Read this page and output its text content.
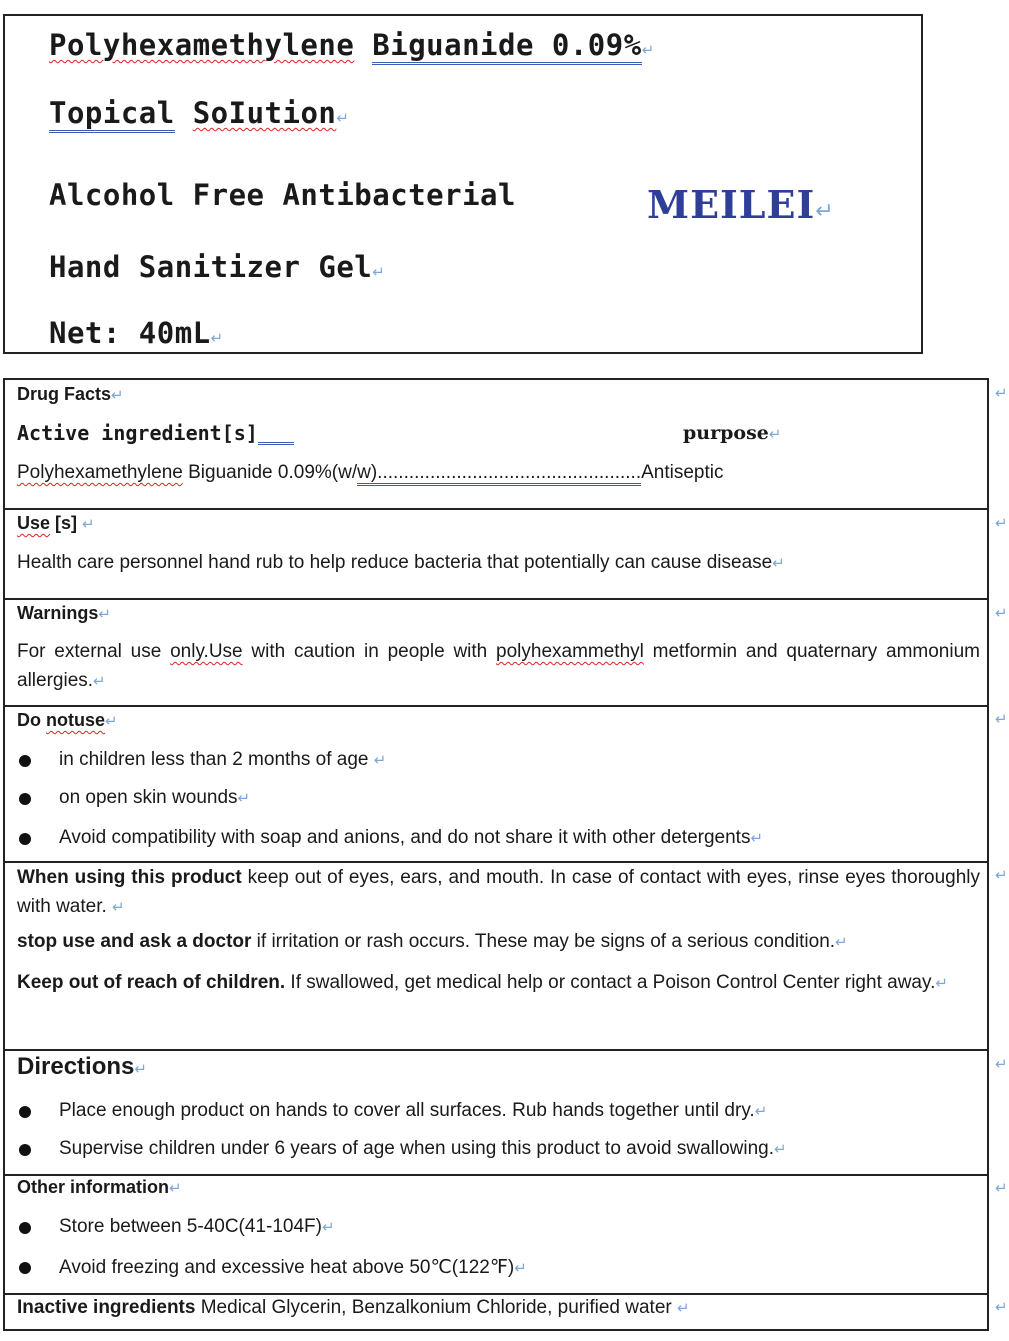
Polyhexamethylene Biguanide 0.09%↵
Topical SoIution↵
Alcohol Free Antibacterial	MEILEI↵
Hand Sanitizer Gel↵
Net: 40mL↵
Drug Facts↵
Active ingredient[s]	purpose↵
Polyhexamethylene Biguanide 0.09%(w/w)..................................................Antiseptic
↵
Use [s] ↵
Health care personnel hand rub to help reduce bacteria that potentially can cause disease↵
↵
Warnings↵
For external use only.Use with caution in people with polyhexammethyl metformin and quaternary ammonium allergies.↵
↵
Do notuse↵
in children less than 2 months of age ↵
on open skin wounds↵
Avoid compatibility with soap and anions, and do not share it with other detergents↵
↵
When using this product keep out of eyes, ears, and mouth. In case of contact with eyes, rinse eyes thoroughly with water. ↵
stop use and ask a doctor if irritation or rash occurs. These may be signs of a serious condition.↵
Keep out of reach of children. If swallowed, get medical help or contact a Poison Control Center right away.↵
↵
Directions↵
Place enough product on hands to cover all surfaces. Rub hands together until dry.↵
Supervise children under 6 years of age when using this product to avoid swallowing.↵
↵
Other information↵
Store between 5-40C(41-104F)↵
Avoid freezing and excessive heat above 50℃(122℉)↵
↵
Inactive ingredients Medical Glycerin, Benzalkonium Chloride, purified water ↵	↵
